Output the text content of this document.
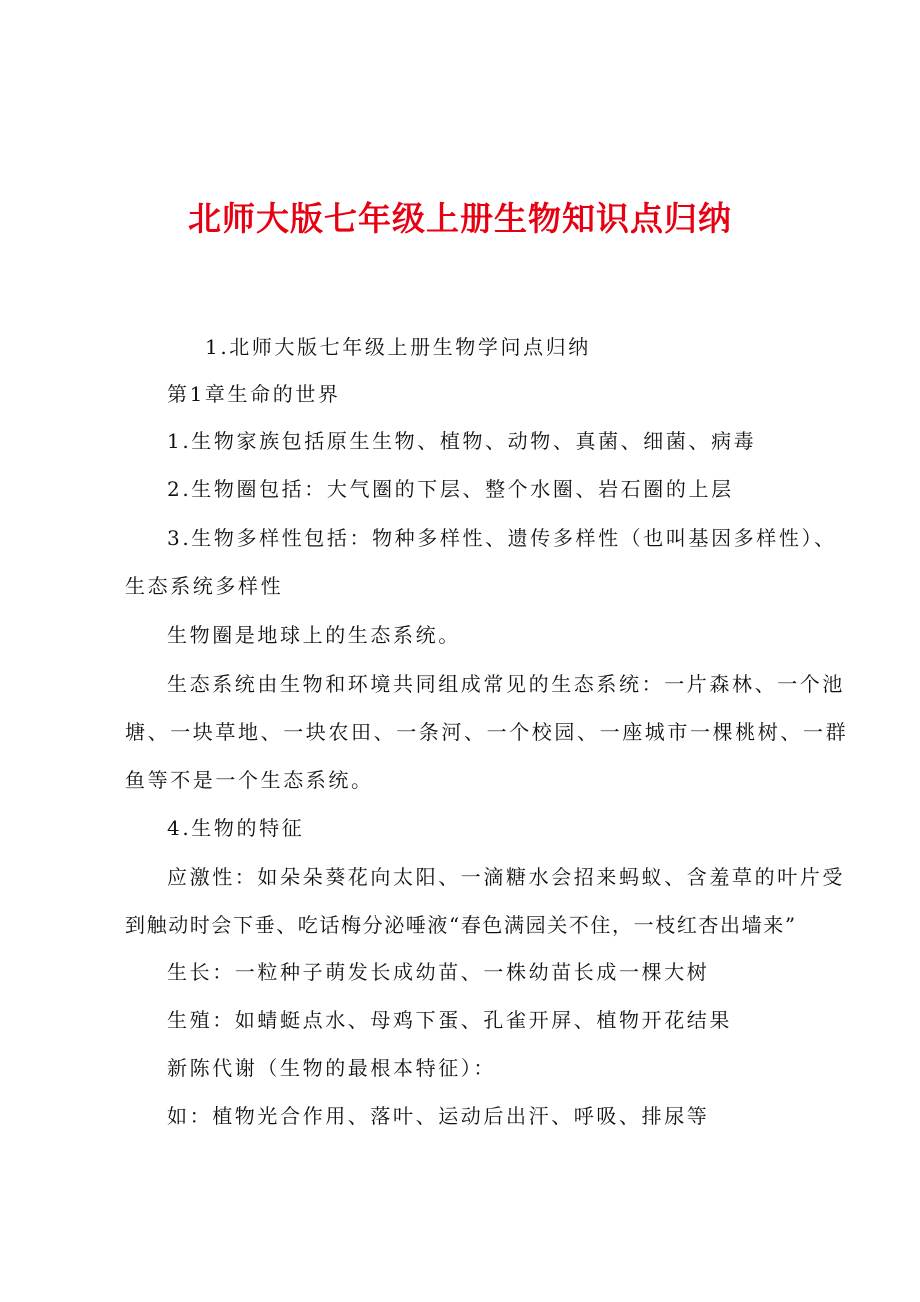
北师大版七年级上册生物知识点归纳
1.北师大版七年级上册生物学问点归纳
第1章生命的世界
1.生物家族包括原生生物、植物、动物、真菌、细菌、病毒
2.生物圈包括：大气圈的下层、整个水圈、岩石圈的上层
3.生物多样性包括：物种多样性、遗传多样性（也叫基因多样性）、
生态系统多样性
生物圈是地球上的生态系统。
生态系统由生物和环境共同组成常见的生态系统：一片森林、一个池
塘、一块草地、一块农田、一条河、一个校园、一座城市一棵桃树、一群
鱼等不是一个生态系统。
4.生物的特征
应激性：如朵朵葵花向太阳、一滴糖水会招来蚂蚁、含羞草的叶片受
到触动时会下垂、吃话梅分泌唾液“春色满园关不住，一枝红杏出墙来”
生长：一粒种子萌发长成幼苗、一株幼苗长成一棵大树
生殖：如蜻蜓点水、母鸡下蛋、孔雀开屏、植物开花结果
新陈代谢（生物的最根本特征）：
如：植物光合作用、落叶、运动后出汗、呼吸、排尿等
